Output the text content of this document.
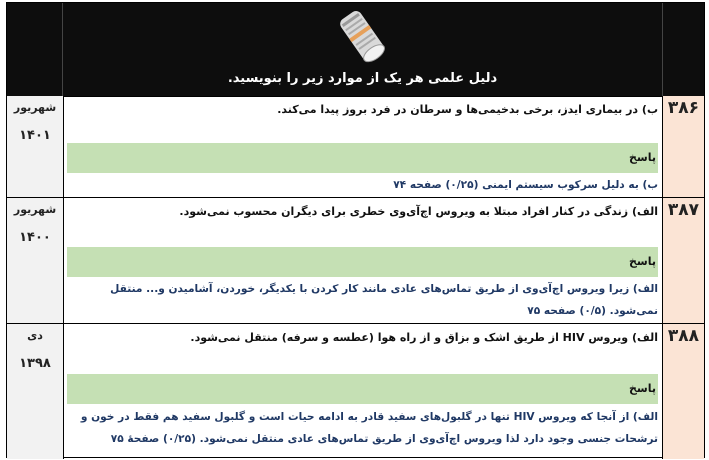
دلیل علمی هر یک از موارد زیر را بنویسید.
شهریور
۱۴۰۱
ب) در بیماری ایدز، برخی بدخیمی‌ها و سرطان در فرد بروز پیدا می‌کند.
پاسخ
ب) به دلیل سرکوب سیستم ایمنی (۰/۲۵) صفحه ۷۴
۳۸۶
شهریور
۱۴۰۰
الف) زندگی در کنار افراد مبتلا به ویروس اچ‌آی‌وی خطری برای دیگران محسوب نمی‌شود.
پاسخ
الف) زیرا ویروس اچ‌آی‌وی از طریق تماس‌های عادی مانند کار کردن با یکدیگر، خوردن، آشامیدن و... منتقل نمی‌شود. (۰/۵) صفحه ۷۵
۳۸۷
دی
۱۳۹۸
الف) ویروس HIV از طریق اشک و بزاق و از راه هوا (عطسه و سرفه) منتقل نمی‌شود.
پاسخ
الف) از آنجا که ویروس HIV تنها در گلبول‌های سفید قادر به ادامه حیات است و گلبول سفید هم فقط در خون و ترشحات جنسی وجود دارد لذا ویروس اچ‌آی‌وی از طریق تماس‌های عادی منتقل نمی‌شود. (۰/۲۵) صفحهٔ ۷۵
۳۸۸
